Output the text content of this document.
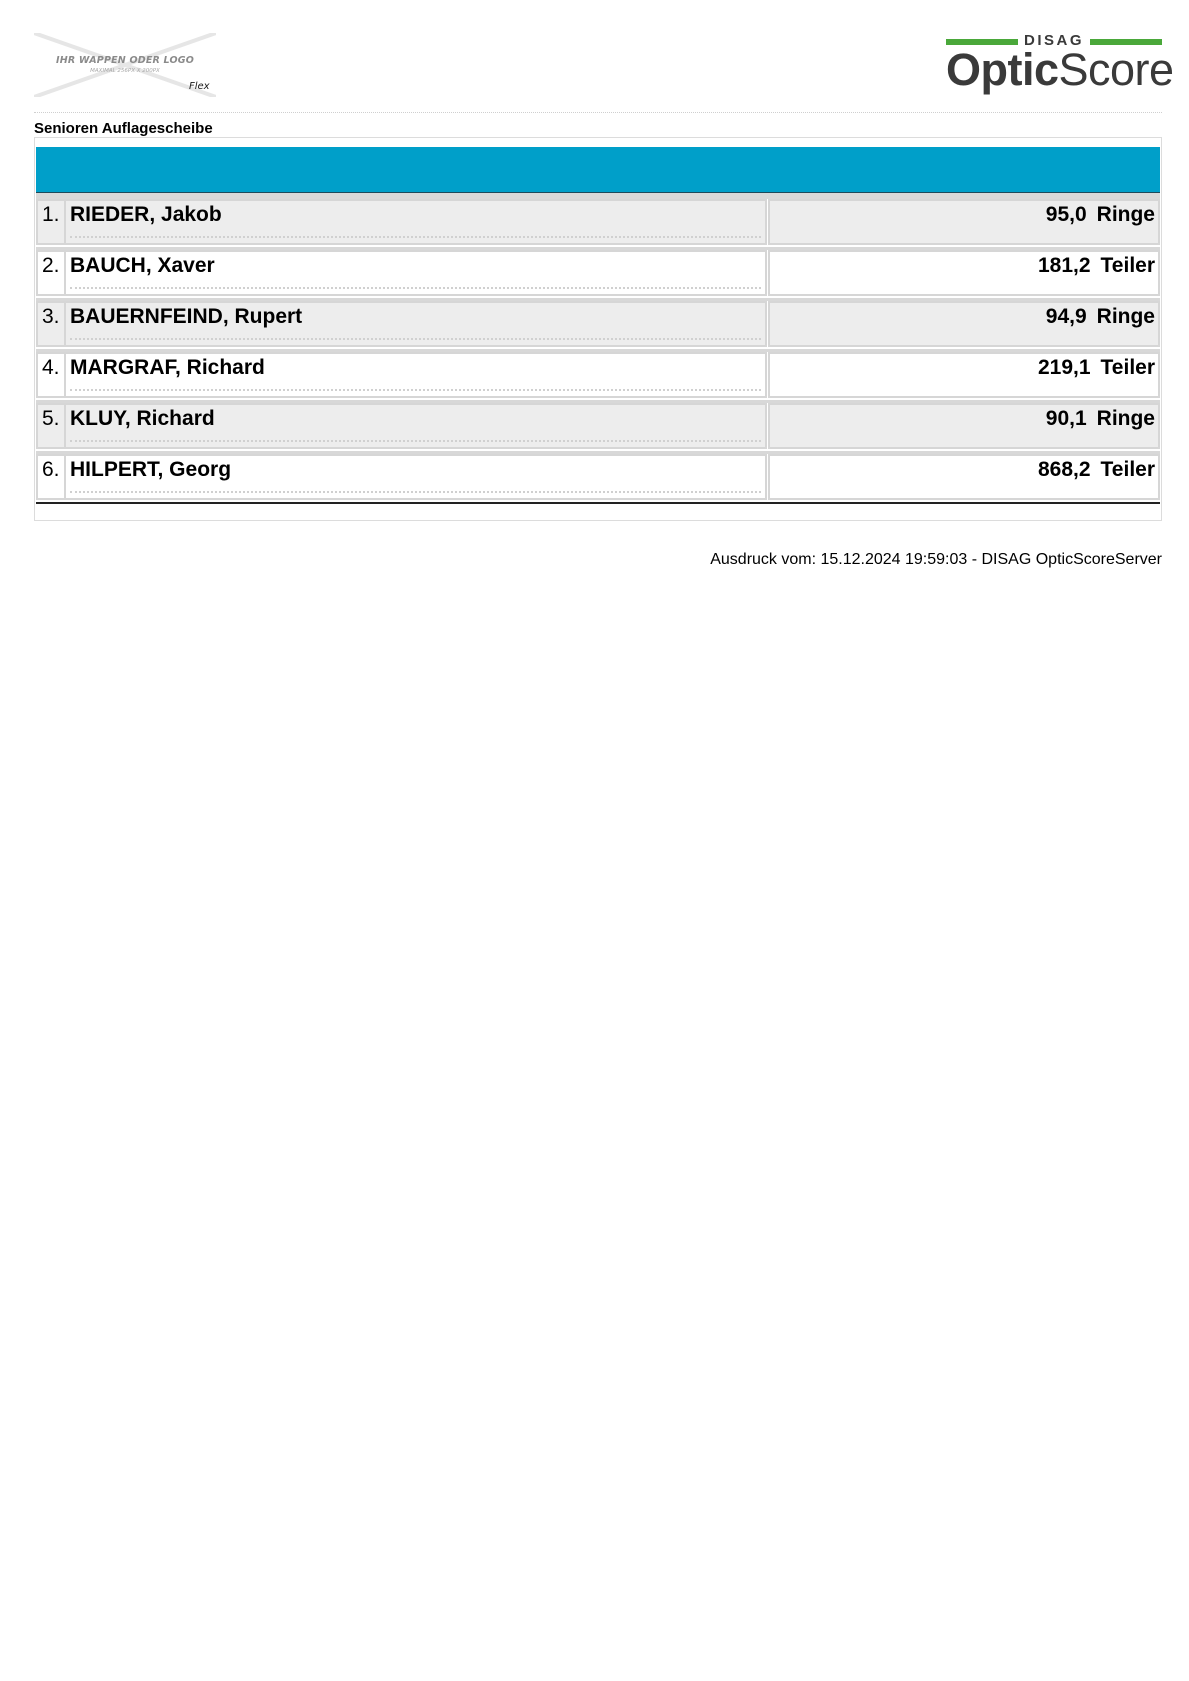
IHR WAPPEN ODER LOGO
MAXIMAL 256PX X 200PX
Flex
DISAG
OpticScore
Senioren Auflagescheibe
1. RIEDER, Jakob	95,0 Ringe
2. BAUCH, Xaver	181,2 Teiler
3. BAUERNFEIND, Rupert	94,9 Ringe
4. MARGRAF, Richard	219,1 Teiler
5. KLUY, Richard	90,1 Ringe
6. HILPERT, Georg	868,2 Teiler
Ausdruck vom: 15.12.2024 19:59:03 - DISAG OpticScoreServer
